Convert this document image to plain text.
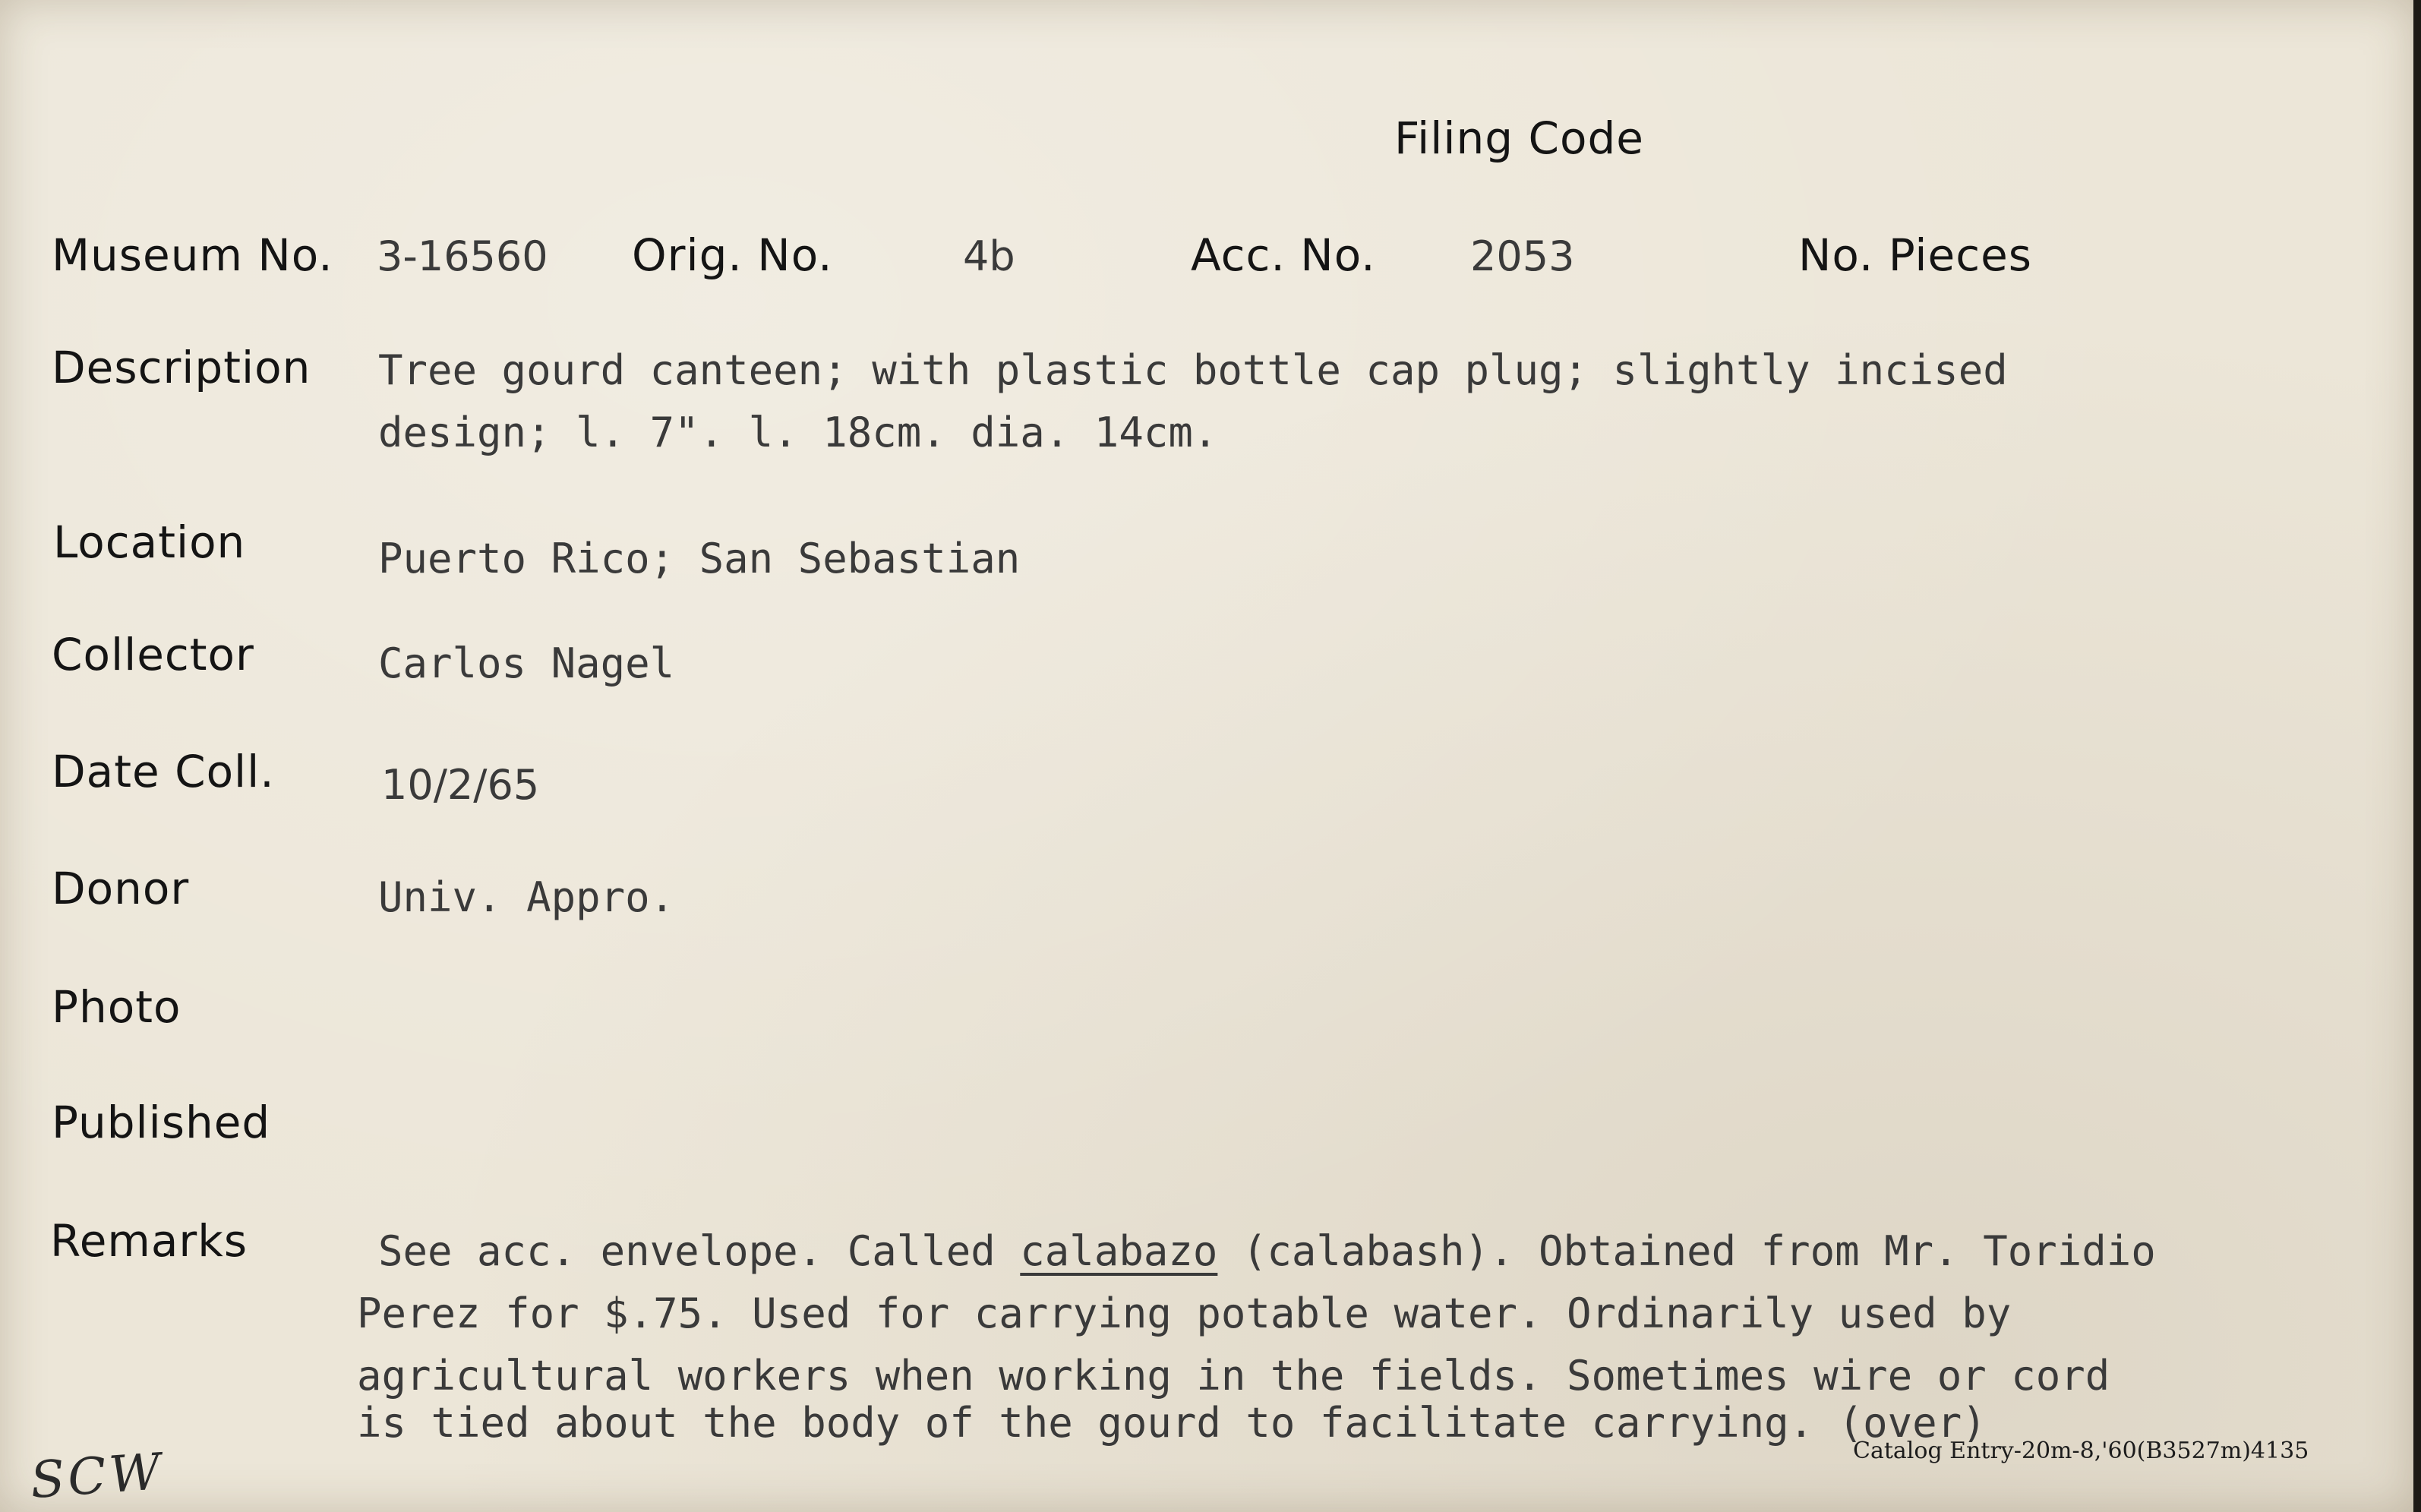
Filing Code
Museum No. 3-16560 Orig. No.	4b	Acc. No. 2053	No. Pieces
Description Tree gourd canteen; with plastic bottle cap plug; slightly incised
design; l. 7". l. 18cm. dia. 14cm.
Location	Puerto Rico; San Sebastian
Collector	Carlos Nagel
Date Coll.	10/2/65
Donor	Univ. Appro.
Photo
Published
Remarks	See acc. envelope. Called calabazo (calabash). Obtained from Mr. Toridio
Perez for $.75. Used for carrying potable water. Ordinarily used by
agricultural workers when working in the fields. Sometimes wire or cord
is tied about the body of the gourd to facilitate carrying. (over)
Catalog Entry-20m-8,'60(B3527m)4135
SCW
